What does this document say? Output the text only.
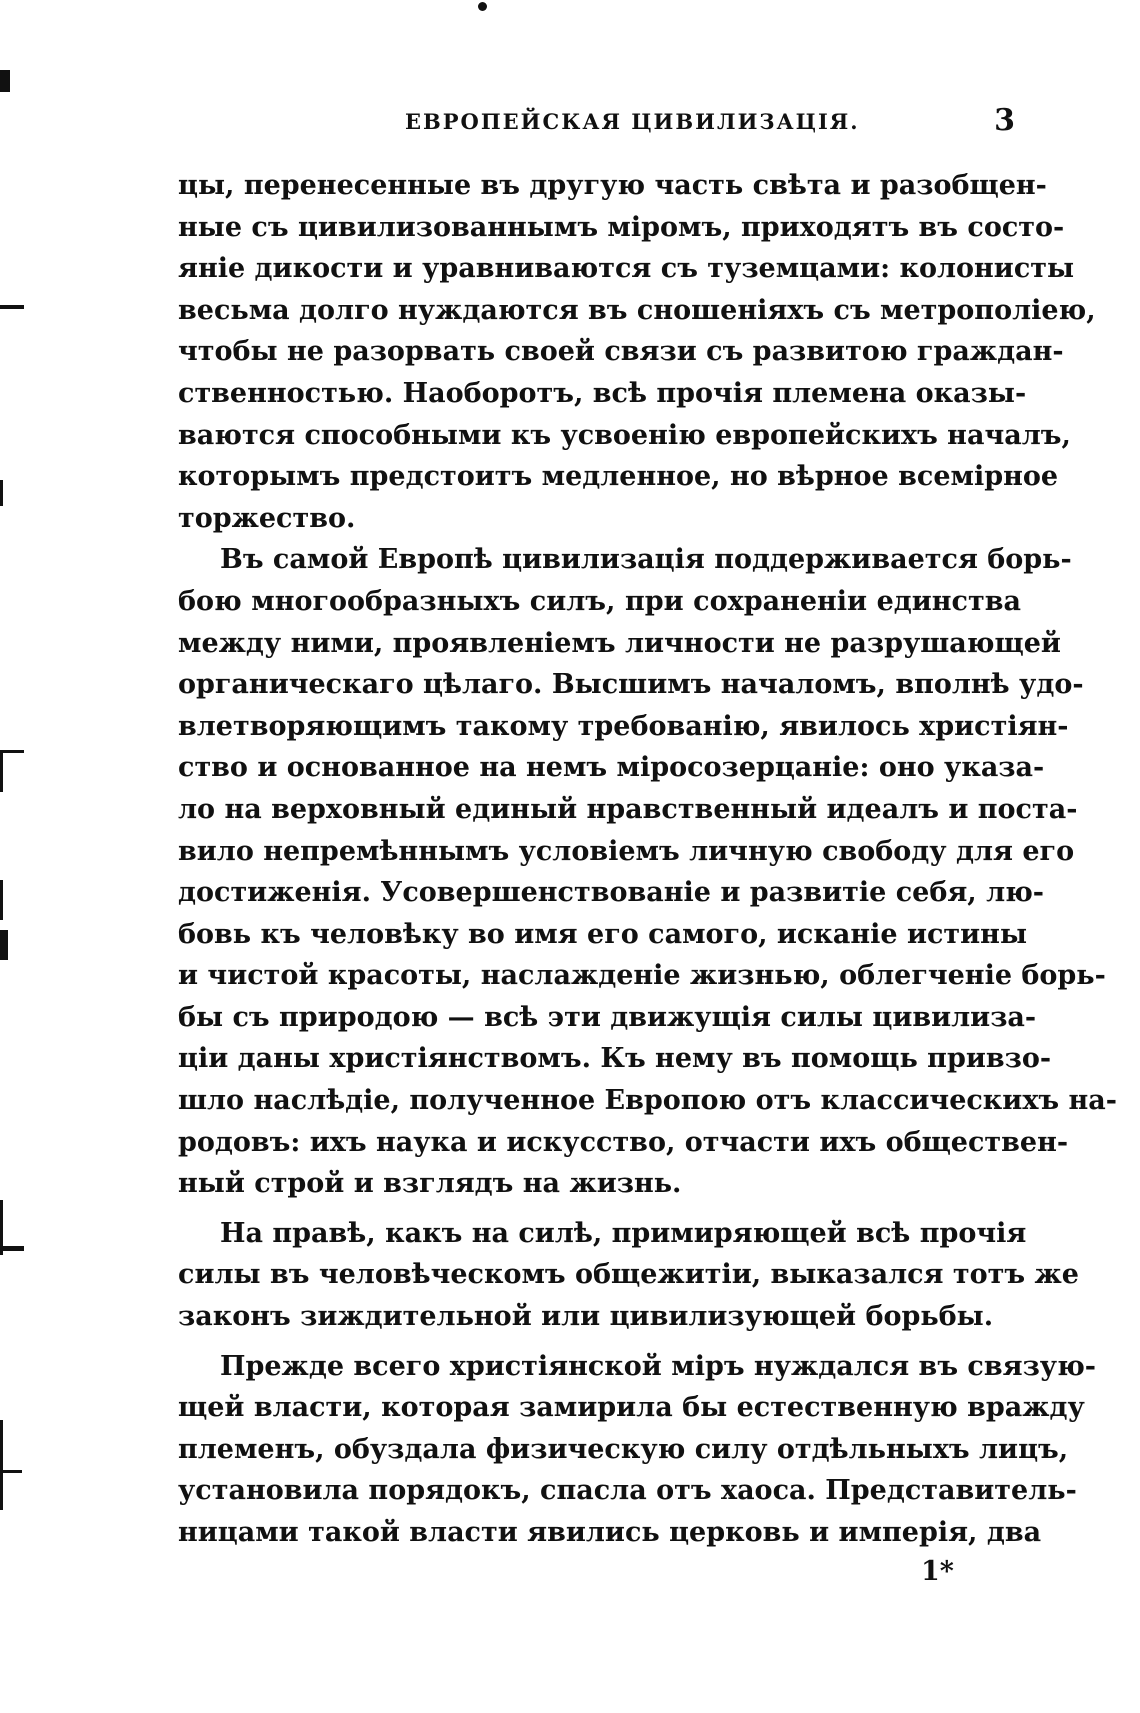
ЕВРОПЕЙСКАЯ ЦИВИЛИЗАЦІЯ.	3
цы, перенесенные въ другую часть свѣта и разобщен-
ные съ цивилизованнымъ міромъ, приходятъ въ состо-
яніе дикости и уравниваются съ туземцами: колонисты
весьма долго нуждаются въ сношеніяхъ съ метрополіею,
чтобы не разорвать своей связи съ развитою граждан-
ственностью. Наоборотъ, всѣ прочія племена оказы-
ваются способными къ усвоенію европейскихъ началъ,
которымъ предстоитъ медленное, но вѣрное всемірное
торжество.
Въ самой Европѣ цивилизація поддерживается борь-
бою многообразныхъ силъ, при сохраненіи единства
между ними, проявленіемъ личности не разрушающей
органическаго цѣлаго. Высшимъ началомъ, вполнѣ удо-
влетворяющимъ такому требованію, явилось христіян-
ство и основанное на немъ міросозерцаніе: оно указа-
ло на верховный единый нравственный идеалъ и поста-
вило непремѣннымъ условіемъ личную свободу для его
достиженія. Усовершенствованіе и развитіе себя, лю-
бовь къ человѣку во имя его самого, исканіе истины
и чистой красоты, наслажденіе жизнью, облегченіе борь-
бы съ природою — всѣ эти движущія силы цивилиза-
ціи даны христіянствомъ. Къ нему въ помощь привзо-
шло наслѣдіе, полученное Европою отъ классическихъ на-
родовъ: ихъ наука и искусство, отчасти ихъ обществен-
ный строй и взглядъ на жизнь.
На правѣ, какъ на силѣ, примиряющей всѣ прочія
силы въ человѣческомъ общежитіи, выказался тотъ же
законъ зиждительной или цивилизующей борьбы.
Прежде всего христіянской міръ нуждался въ связую-
щей власти, которая замирила бы естественную вражду
племенъ, обуздала физическую силу отдѣльныхъ лицъ,
установила порядокъ, спасла отъ хаоса. Представитель-
ницами такой власти явились церковь и имперія, два
1*
